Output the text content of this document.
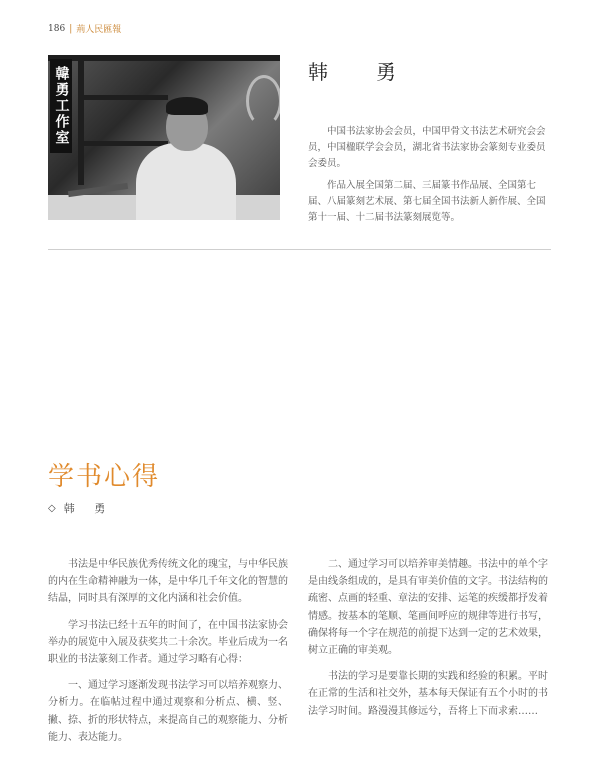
186 | 荊人民匯報
韓勇工作室	韩　勇

中国书法家协会会员，中国甲骨文书法艺术研究会会员，中国楹联学会会员，湖北省书法家协会篆刻专业委员会委员。

作品入展全国第二届、三届篆书作品展、全国第七届、八届篆刻艺术展、第七届全国书法新人新作展、全国第十一届、十二届书法篆刻展览等。

学书心得
◇ 韩 勇

书法是中华民族优秀传统文化的瑰宝，与中华民族的内在生命精神融为一体，是中华几千年文化的智慧的结晶，同时具有深厚的文化内涵和社会价值。

学习书法已经十五年的时间了，在中国书法家协会举办的展览中入展及获奖共二十余次。毕业后成为一名职业的书法篆刻工作者。通过学习略有心得：

一、通过学习逐渐发现书法学习可以培养观察力、分析力。在临帖过程中通过观察和分析点、横、竖、撇、捺、折的形状特点，来提高自己的观察能力、分析能力、表达能力。

二、通过学习可以培养审美情趣。书法中的单个字是由线条组成的，是具有审美价值的文字。书法结构的疏密、点画的轻重、章法的安排、运笔的疾缓都抒发着情感。按基本的笔顺、笔画间呼应的规律等进行书写，确保将每一个字在规范的前提下达到一定的艺术效果，树立正确的审美观。

书法的学习是要靠长期的实践和经验的积累。平时在正常的生活和社交外，基本每天保证有五个小时的书法学习时间。路漫漫其修远兮，吾将上下而求索……
